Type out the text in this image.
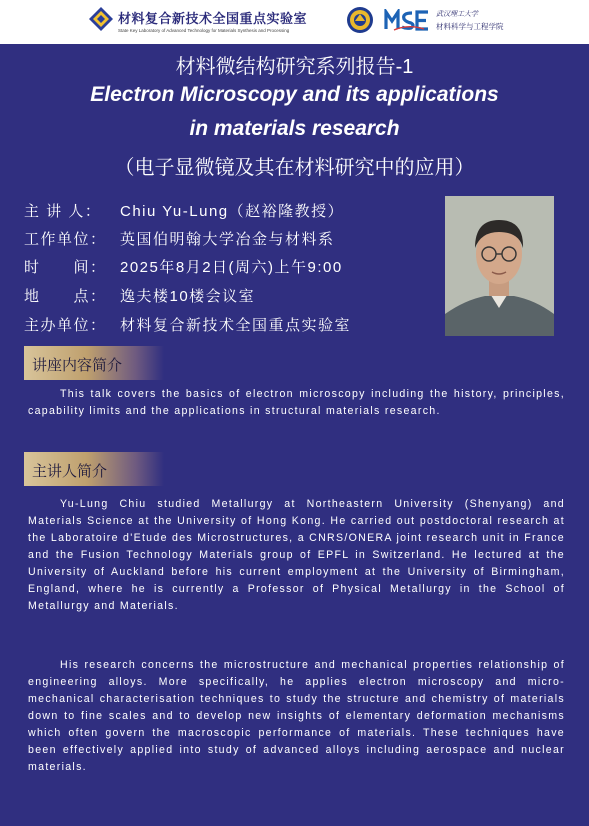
材料复合新技术全国重点实验室
State Key Laboratory of Advanced Technology for Materials Synthesis and Processing
武汉理工大学
材料科学与工程学院
材料微结构研究系列报告-1
Electron Microscopy and its applications
in materials research
（电子显微镜及其在材料研究中的应用）
主 讲 人： Chiu Yu-Lung（赵裕隆教授）
工作单位： 英国伯明翰大学冶金与材料系
时　　间： 2025年8月2日(周六)上午9:00
地　　点： 逸夫楼10楼会议室
主办单位： 材料复合新技术全国重点实验室
讲座内容简介
This talk covers the basics of electron microscopy including the history, principles, capability limits and the applications in structural materials research.
主讲人简介
Yu-Lung Chiu studied Metallurgy at Northeastern University (Shenyang) and Materials Science at the University of Hong Kong. He carried out postdoctoral research at the Laboratoire d'Etude des Microstructures, a CNRS/ONERA joint research unit in France and the Fusion Technology Materials group of EPFL in Switzerland. He lectured at the University of Auckland before his current employment at the University of Birmingham, England, where he is currently a Professor of Physical Metallurgy in the School of Metallurgy and Materials.
His research concerns the microstructure and mechanical properties relationship of engineering alloys. More specifically, he applies electron microscopy and micro-mechanical characterisation techniques to study the structure and chemistry of materials down to fine scales and to develop new insights of elementary deformation mechanisms which often govern the macroscopic performance of materials. These techniques have been effectively applied into study of advanced alloys including aerospace and nuclear materials.
